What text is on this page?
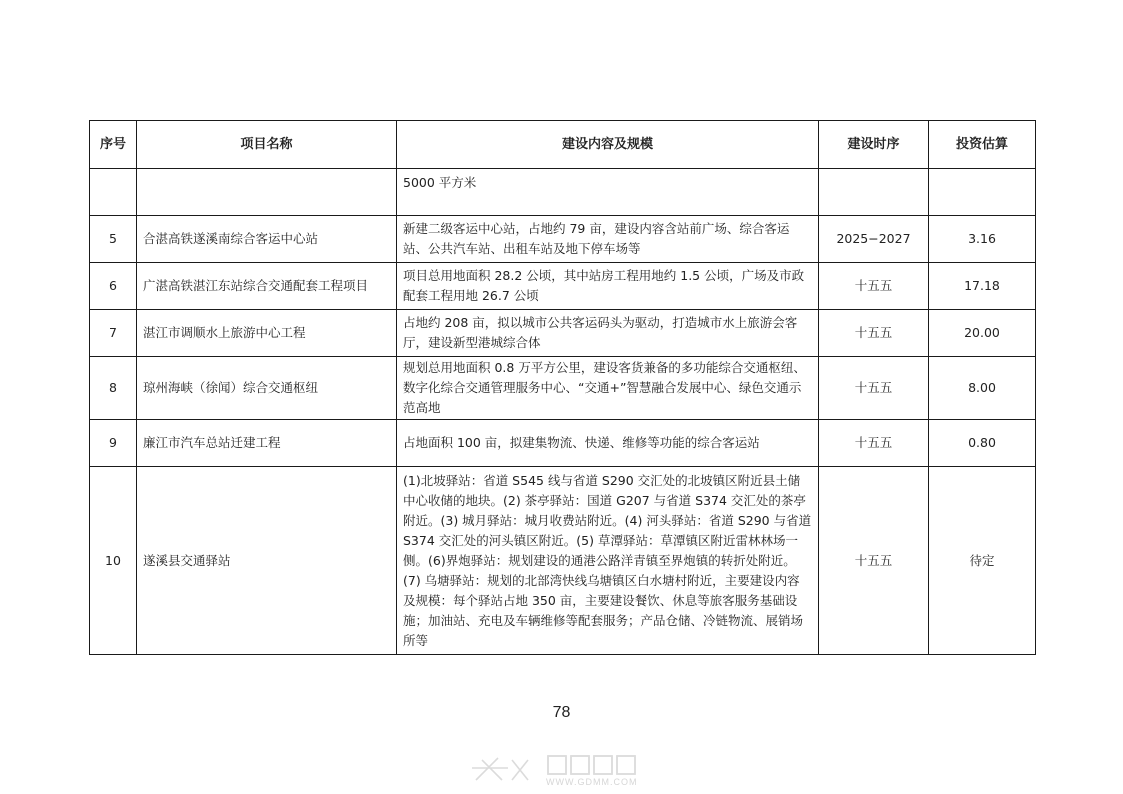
序号	项目名称	建设内容及规模	建设时序	投资估算
		5000 平方米		
5	合湛高铁遂溪南综合客运中心站	新建二级客运中心站，占地约 79 亩，建设内容含站前广场、综合客运站、公共汽车站、出租车站及地下停车场等	2025−2027	3.16
6	广湛高铁湛江东站综合交通配套工程项目	项目总用地面积 28.2 公顷，其中站房工程用地约 1.5 公顷，广场及市政配套工程用地 26.7 公顷	十五五	17.18
7	湛江市调顺水上旅游中心工程	占地约 208 亩，拟以城市公共客运码头为驱动，打造城市水上旅游会客厅，建设新型港城综合体	十五五	20.00
8	琼州海峡（徐闻）综合交通枢纽	规划总用地面积 0.8 万平方公里，建设客货兼备的多功能综合交通枢纽、数字化综合交通管理服务中心、“交通+”智慧融合发展中心、绿色交通示范高地	十五五	8.00
9	廉江市汽车总站迁建工程	占地面积 100 亩，拟建集物流、快递、维修等功能的综合客运站	十五五	0.80
10	遂溪县交通驿站	(1)北坡驿站：省道 S545 线与省道 S290 交汇处的北坡镇区附近县土储中心收储的地块。(2) 茶亭驿站：国道 G207 与省道 S374 交汇处的茶亭附近。(3) 城月驿站：城月收费站附近。(4) 河头驿站：省道 S290 与省道 S374 交汇处的河头镇区附近。(5) 草潭驿站：草潭镇区附近雷林林场一侧。(6)界炮驿站：规划建设的通港公路洋青镇至界炮镇的转折处附近。(7) 乌塘驿站：规划的北部湾快线乌塘镇区白水塘村附近，主要建设内容及规模：每个驿站占地 350 亩，主要建设餐饮、休息等旅客服务基础设施；加油站、充电及车辆维修等配套服务；产品仓储、冷链物流、展销场所等	十五五	待定
78
WWW.GDMM.COM
